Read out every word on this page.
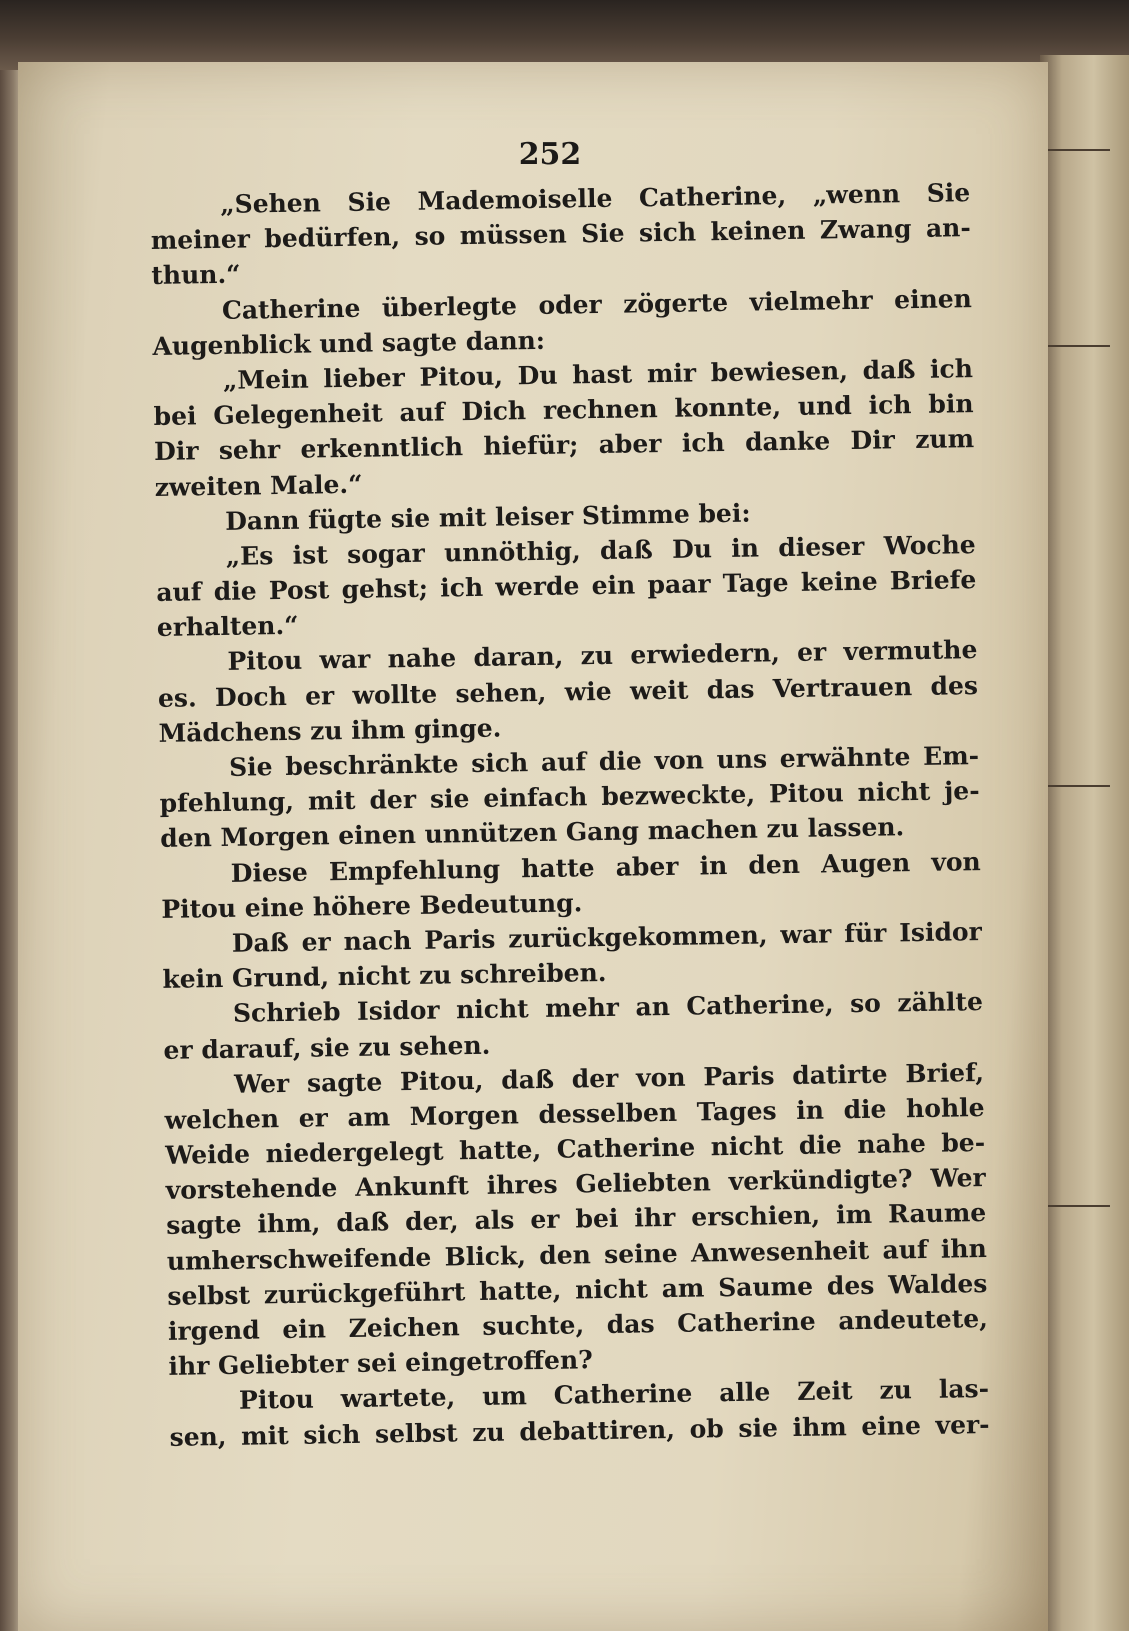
252
„Sehen Sie Mademoiselle Catherine, „wenn Sie
meiner bedürfen, so müssen Sie sich keinen Zwang an-
thun.“
Catherine überlegte oder zögerte vielmehr einen
Augenblick und sagte dann:
„Mein lieber Pitou, Du hast mir bewiesen, daß ich
bei Gelegenheit auf Dich rechnen konnte, und ich bin
Dir sehr erkenntlich hiefür; aber ich danke Dir zum
zweiten Male.“
Dann fügte sie mit leiser Stimme bei:
„Es ist sogar unnöthig, daß Du in dieser Woche
auf die Post gehst; ich werde ein paar Tage keine Briefe
erhalten.“
Pitou war nahe daran, zu erwiedern, er vermuthe
es. Doch er wollte sehen, wie weit das Vertrauen des
Mädchens zu ihm ginge.
Sie beschränkte sich auf die von uns erwähnte Em-
pfehlung, mit der sie einfach bezweckte, Pitou nicht je-
den Morgen einen unnützen Gang machen zu lassen.
Diese Empfehlung hatte aber in den Augen von
Pitou eine höhere Bedeutung.
Daß er nach Paris zurückgekommen, war für Isidor
kein Grund, nicht zu schreiben.
Schrieb Isidor nicht mehr an Catherine, so zählte
er darauf, sie zu sehen.
Wer sagte Pitou, daß der von Paris datirte Brief,
welchen er am Morgen desselben Tages in die hohle
Weide niedergelegt hatte, Catherine nicht die nahe be-
vorstehende Ankunft ihres Geliebten verkündigte? Wer
sagte ihm, daß der, als er bei ihr erschien, im Raume
umherschweifende Blick, den seine Anwesenheit auf ihn
selbst zurückgeführt hatte, nicht am Saume des Waldes
irgend ein Zeichen suchte, das Catherine andeutete,
ihr Geliebter sei eingetroffen?
Pitou wartete, um Catherine alle Zeit zu las-
sen, mit sich selbst zu debattiren, ob sie ihm eine ver-
